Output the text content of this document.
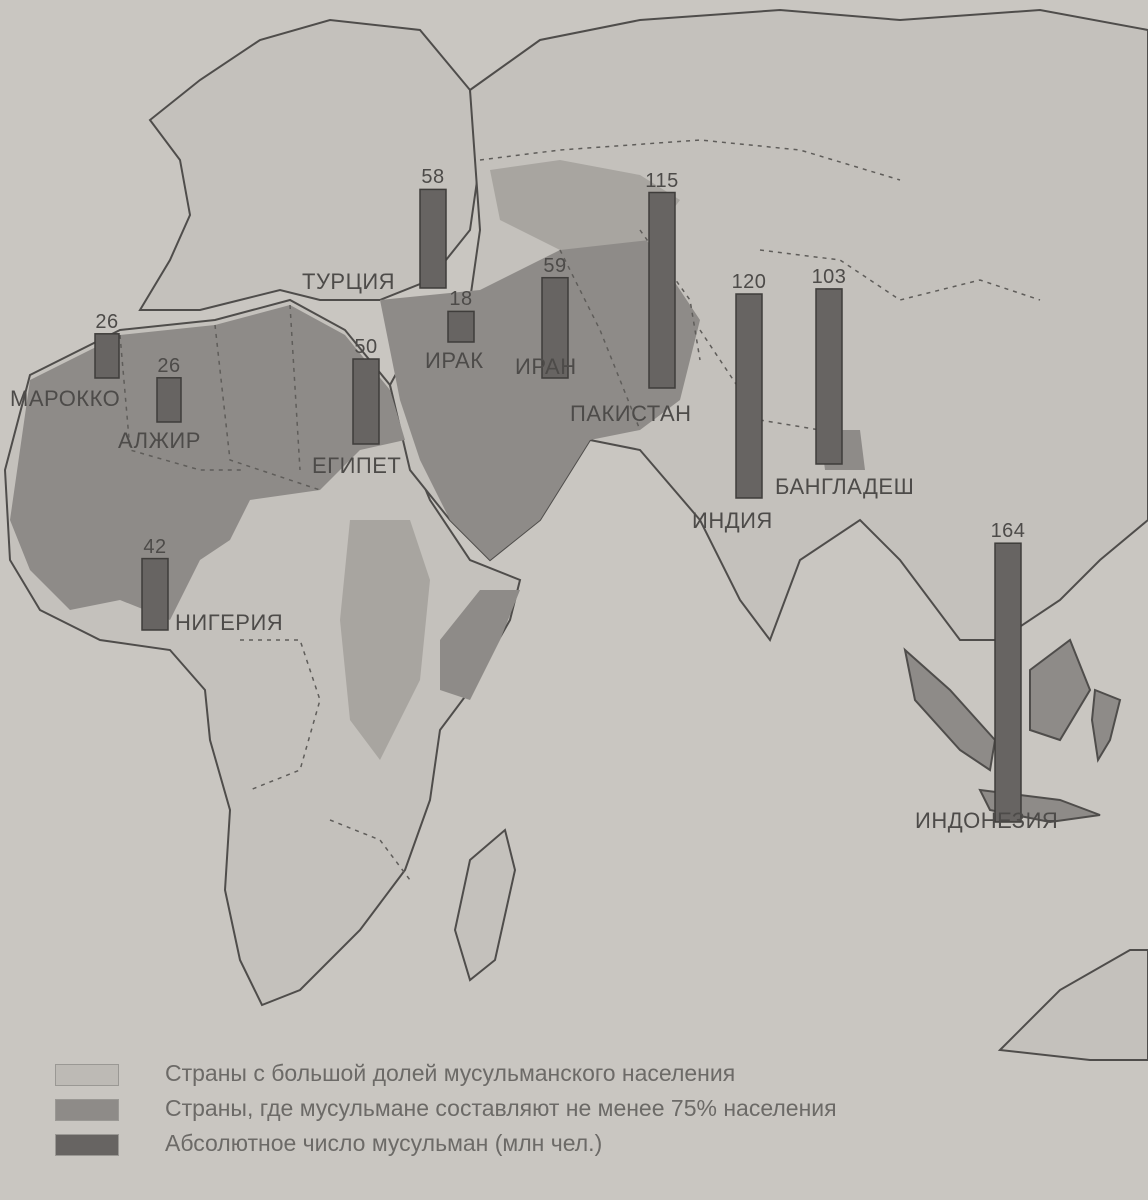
26
МАРОККО
26
АЛЖИР
42
НИГЕРИЯ
50
ЕГИПЕТ
58
ТУРЦИЯ
18
ИРАК
59
ИРАН
115
ПАКИСТАН
120
ИНДИЯ
103
БАНГЛАДЕШ
164
ИНДОНЕЗИЯ
Страны с большой долей мусульманского населения
Страны, где мусульмане составляют не менее 75% населения
Абсолютное число мусульман (млн чел.)
